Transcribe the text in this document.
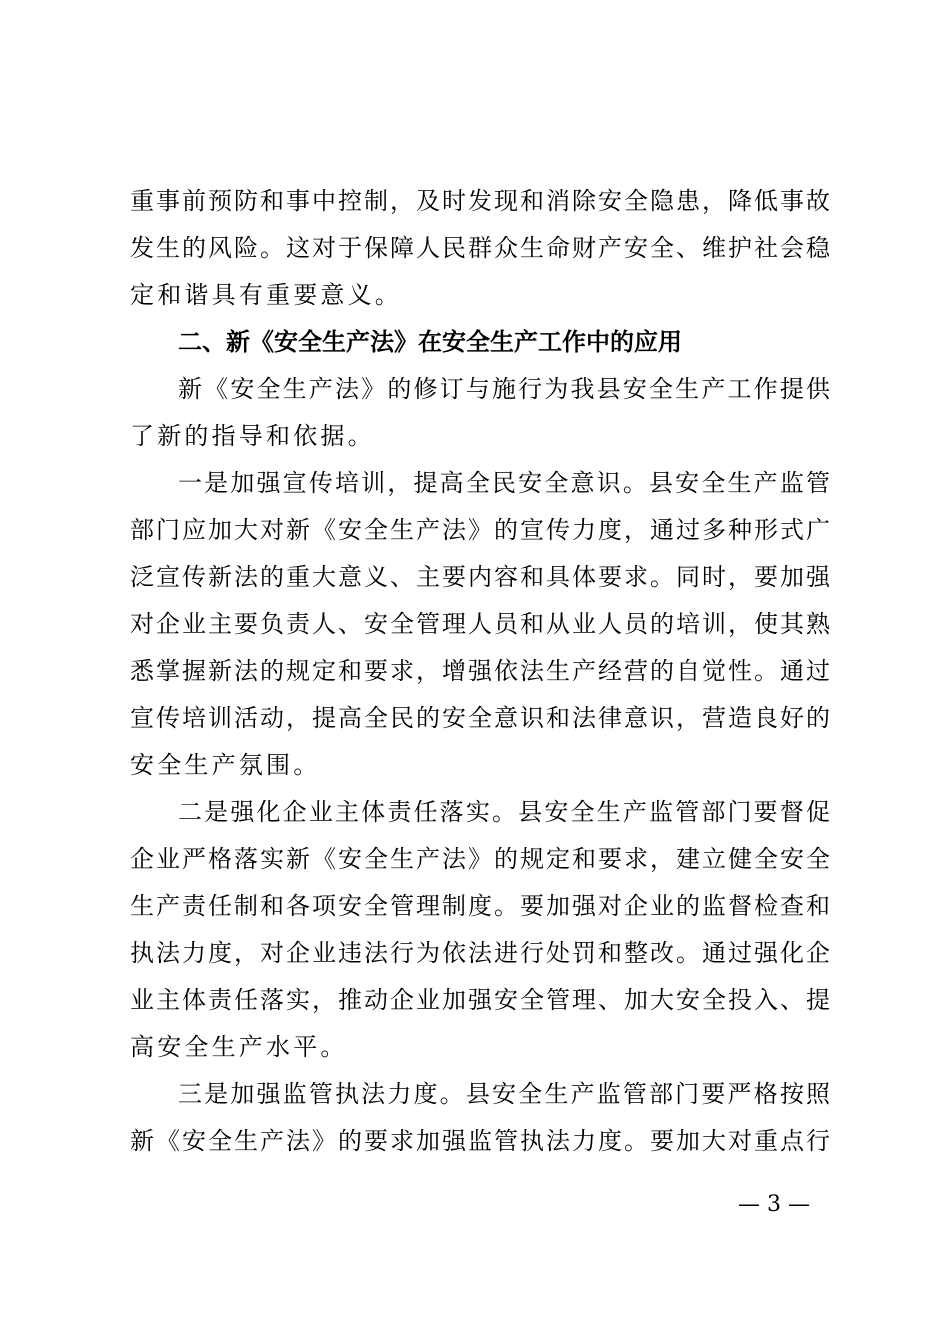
重事前预防和事中控制，及时发现和消除安全隐患，降低事故
发生的风险。这对于保障人民群众生命财产安全、维护社会稳
定和谐具有重要意义。
二、新《安全生产法》在安全生产工作中的应用
新《安全生产法》的修订与施行为我县安全生产工作提供
了新的指导和依据。
一是加强宣传培训，提高全民安全意识。县安全生产监管
部门应加大对新《安全生产法》的宣传力度，通过多种形式广
泛宣传新法的重大意义、主要内容和具体要求。同时，要加强
对企业主要负责人、安全管理人员和从业人员的培训，使其熟
悉掌握新法的规定和要求，增强依法生产经营的自觉性。通过
宣传培训活动，提高全民的安全意识和法律意识，营造良好的
安全生产氛围。
二是强化企业主体责任落实。县安全生产监管部门要督促
企业严格落实新《安全生产法》的规定和要求，建立健全安全
生产责任制和各项安全管理制度。要加强对企业的监督检查和
执法力度，对企业违法行为依法进行处罚和整改。通过强化企
业主体责任落实，推动企业加强安全管理、加大安全投入、提
高安全生产水平。
三是加强监管执法力度。县安全生产监管部门要严格按照
新《安全生产法》的要求加强监管执法力度。要加大对重点行
— 3 —
